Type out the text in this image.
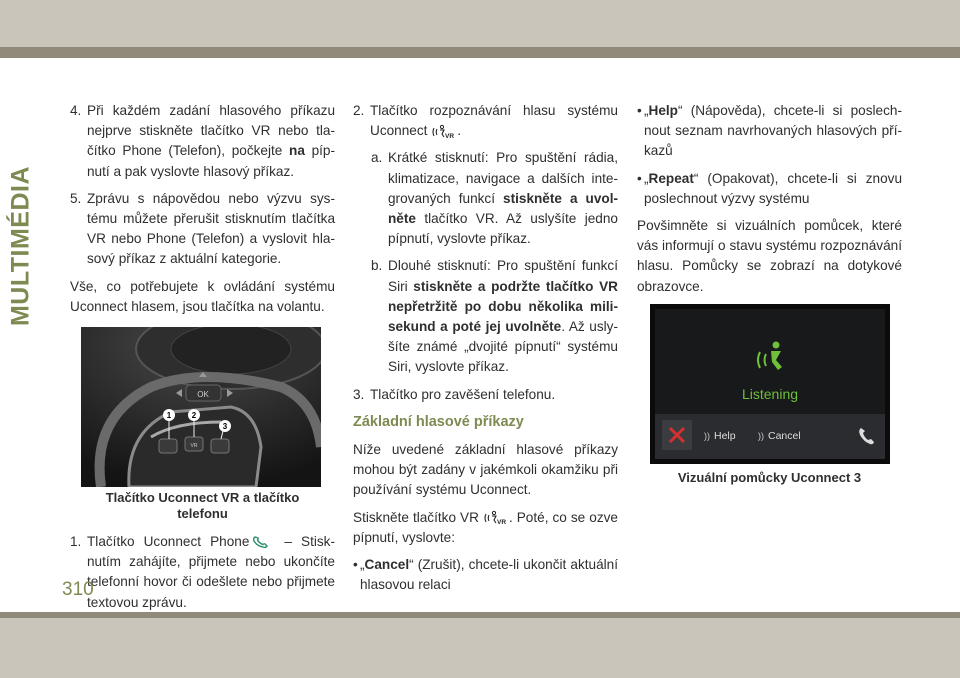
MULTIMÉDIA
4. Při každém zadání hlasového příkazu nejprve stiskněte tlačítko VR nebo tla-čítko Phone (Telefon), počkejte na píp-nutí a pak vyslovte hlasový příkaz.
5. Zprávu s nápovědou nebo výzvu sys-tému můžete přerušit stisknutím tlačítka VR nebo Phone (Telefon) a vyslovit hla-sový příkaz z aktuální kategorie.
Vše, co potřebujete k ovládání systému Uconnect hlasem, jsou tlačítka na volantu.
OK
VR
1	2
3
Tlačítko Uconnect VR a tlačítko
telefonu
1. Tlačítko Uconnect Phone – Stisk-nutím zahájíte, přijmete nebo ukončíte telefonní hovor či odešlete nebo přijmete textovou zprávu.
2. Tlačítko rozpoznávání hlasu systému Uconnect VR .
a. Krátké stisknutí: Pro spuštění rádia, klimatizace, navigace a dalších inte-grovaných funkcí stiskněte a uvol-něte tlačítko VR. Až uslyšíte jedno pípnutí, vyslovte příkaz.
b. Dlouhé stisknutí: Pro spuštění funkcí Siri stiskněte a podržte tlačítko VR nepřetržitě po dobu několika mili-sekund a poté jej uvolněte. Až usly-šíte známé „dvojité pípnutí“ systému Siri, vyslovte příkaz.
3. Tlačítko pro zavěšení telefonu.
Základní hlasové příkazy
Níže uvedené základní hlasové příkazy mohou být zadány v jakémkoli okamžiku při používání systému Uconnect.
Stiskněte tlačítko VR VR . Poté, co se ozve pípnutí, vyslovte:
• „Cancel“ (Zrušit), chcete-li ukončit aktuální hlasovou relaci
• „Help“ (Nápověda), chcete-li si poslech-nout seznam navrhovaných hlasových pří-kazů
• „Repeat“ (Opakovat), chcete-li si znovu poslechnout výzvy systému
Povšimněte si vizuálních pomůcek, které vás informují o stavu systému rozpoznávání hlasu. Pomůcky se zobrazí na dotykové obrazovce.
Listening
)) Help )) Cancel
Vizuální pomůcky Uconnect 3
310
